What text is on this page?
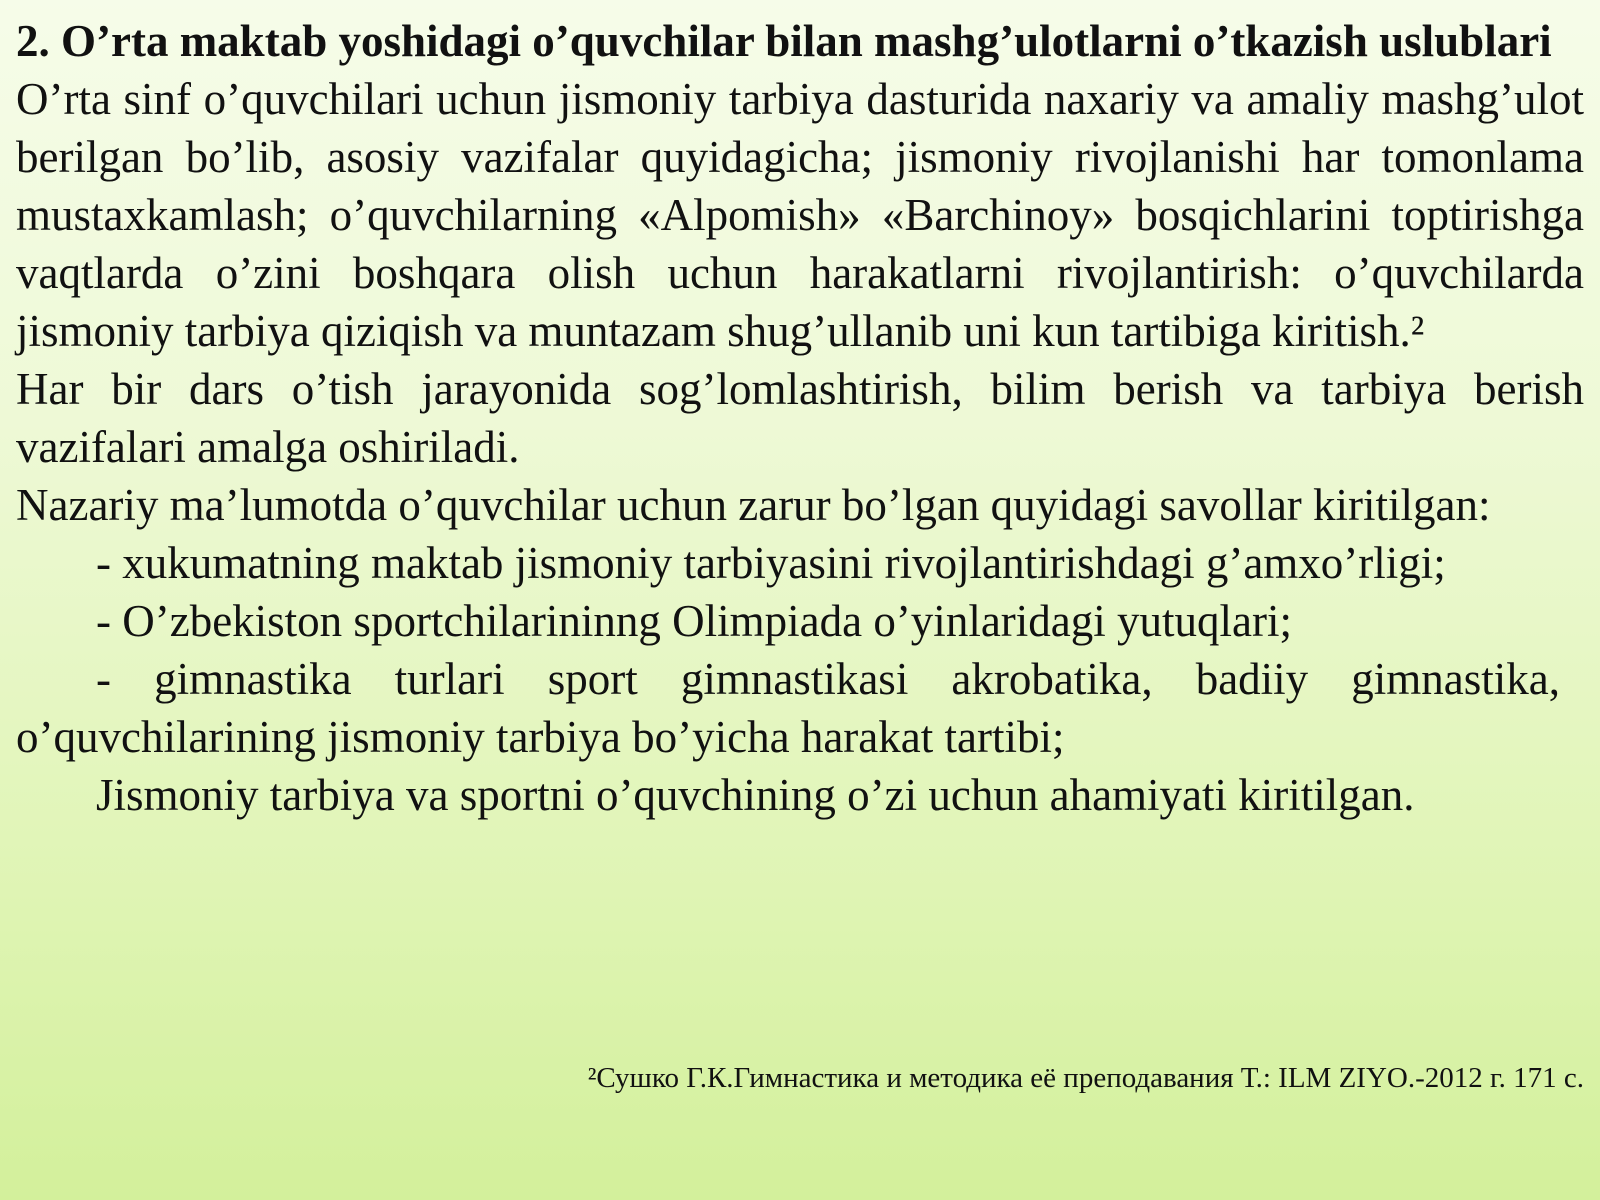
2. O’rta maktab yoshidagi o’quvchilar bilan mashg’ulotlarni o’tkazish uslublari

O’rta sinf o’quvchilari uchun jismoniy tarbiya dasturida naxariy va amaliy mashg’ulot berilgan bo’lib, asosiy vazifalar quyidagicha; jismoniy rivojlanishi har tomonlama mustaxkamlash; o’quvchilarning «Alpomish» «Barchinoy» bosqichlarini toptirishga vaqtlarda o’zini boshqara olish uchun harakatlarni rivojlantirish: o’quvchilarda jismoniy tarbiya qiziqish va muntazam shug’ullanib uni kun tartibiga kiritish.²

Har bir dars o’tish jarayonida sog’lomlashtirish, bilim berish va tarbiya berish vazifalari amalga oshiriladi.

Nazariy ma’lumotda o’quvchilar uchun zarur bo’lgan quyidagi savollar kiritilgan:

- xukumatning maktab jismoniy tarbiyasini rivojlantirishdagi g’amxo’rligi;

- O’zbekiston sportchilarininng Olimpiada o’yinlaridagi yutuqlari;

- gimnastika turlari sport gimnastikasi akrobatika, badiiy gimnastika, o’quvchilarining jismoniy tarbiya bo’yicha harakat tartibi;

Jismoniy tarbiya va sportni o’quvchining o’zi uchun ahamiyati kiritilgan.

²Сушко Г.К.Гимнастика и методика её преподавания Т.: ILM ZIYO.-2012 г. 171 с.
